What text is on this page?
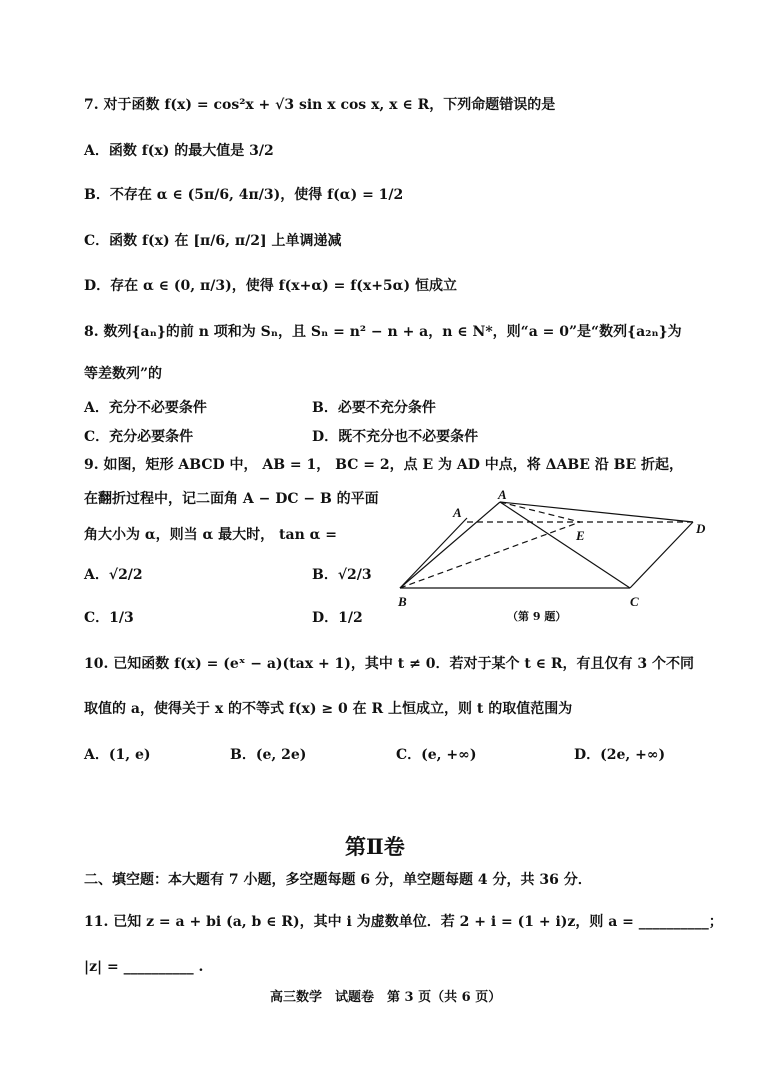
7. 对于函数 f(x) = cos²x + √3 sin x cos x, x ∈ R，下列命题错误的是
A．函数 f(x) 的最大值是 3/2
B．不存在 α ∈ (5π/6, 4π/3)，使得 f(α) = 1/2
C．函数 f(x) 在 [π/6, π/2] 上单调递减
D．存在 α ∈ (0, π/3)，使得 f(x+α) = f(x+5α) 恒成立
8. 数列{aₙ}的前 n 项和为 Sₙ，且 Sₙ = n² − n + a，n ∈ N*，则“a = 0”是“数列{a₂ₙ}为
等差数列”的
A．充分不必要条件	B．必要不充分条件
C．充分必要条件	D．既不充分也不必要条件
9. 如图，矩形 ABCD 中， AB = 1， BC = 2，点 E 为 AD 中点，将 ΔABE 沿 BE 折起，
在翻折过程中，记二面角 A − DC − B 的平面
角大小为 α，则当 α 最大时， tan α =
A．√2/2	B．√2/3
C．1/3	D．1/2
A
A
D
E
B	C
（第 9 题）
10. 已知函数 f(x) = (eˣ − a)(tax + 1)，其中 t ≠ 0．若对于某个 t ∈ R，有且仅有 3 个不同
取值的 a，使得关于 x 的不等式 f(x) ≥ 0 在 R 上恒成立，则 t 的取值范围为
A．(1, e)	B．(e, 2e)	C．(e, +∞)	D．(2e, +∞)
第Ⅱ卷
二、填空题：本大题有 7 小题，多空题每题 6 分，单空题每题 4 分，共 36 分．
11. 已知 z = a + bi (a, b ∈ R)，其中 i 为虚数单位．若 2 + i = (1 + i)z，则 a = __________；
|z| = __________ .
高三数学　试题卷　第 3 页（共 6 页）
